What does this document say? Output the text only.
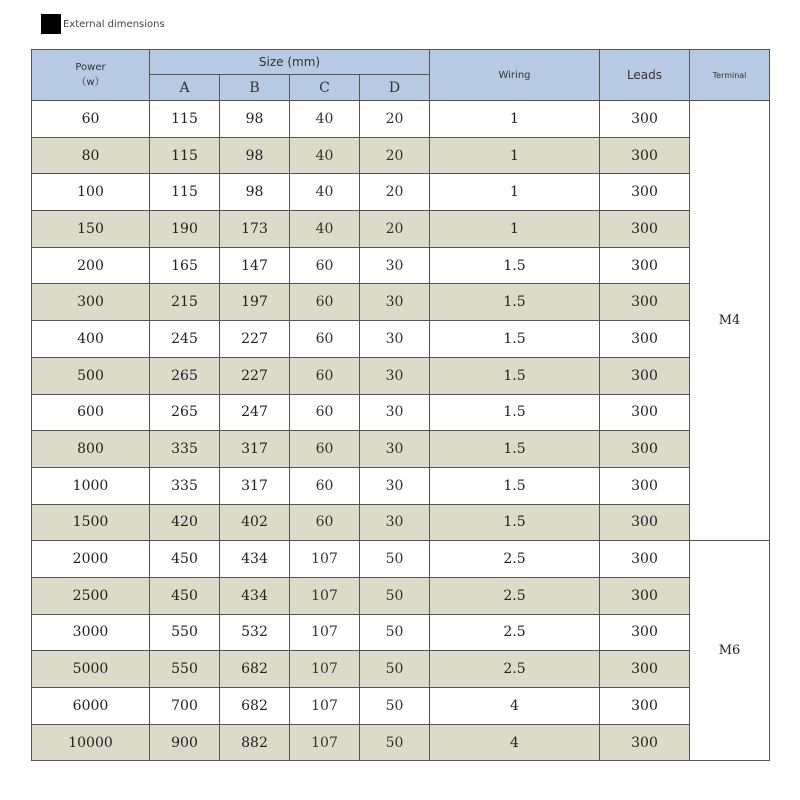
External dimensions
Power
（w）	Size (mm)				Wiring	Leads	Terminal
	A	B	C	D			
60	115	98	40	20	1	300	M4
80	115	98	40	20	1	300	
100	115	98	40	20	1	300	
150	190	173	40	20	1	300	
200	165	147	60	30	1.5	300	
300	215	197	60	30	1.5	300	
400	245	227	60	30	1.5	300	
500	265	227	60	30	1.5	300	
600	265	247	60	30	1.5	300	
800	335	317	60	30	1.5	300	
1000	335	317	60	30	1.5	300	
1500	420	402	60	30	1.5	300	
2000	450	434	107	50	2.5	300	M6
2500	450	434	107	50	2.5	300	
3000	550	532	107	50	2.5	300	
5000	550	682	107	50	2.5	300	
6000	700	682	107	50	4	300	
10000	900	882	107	50	4	300	
